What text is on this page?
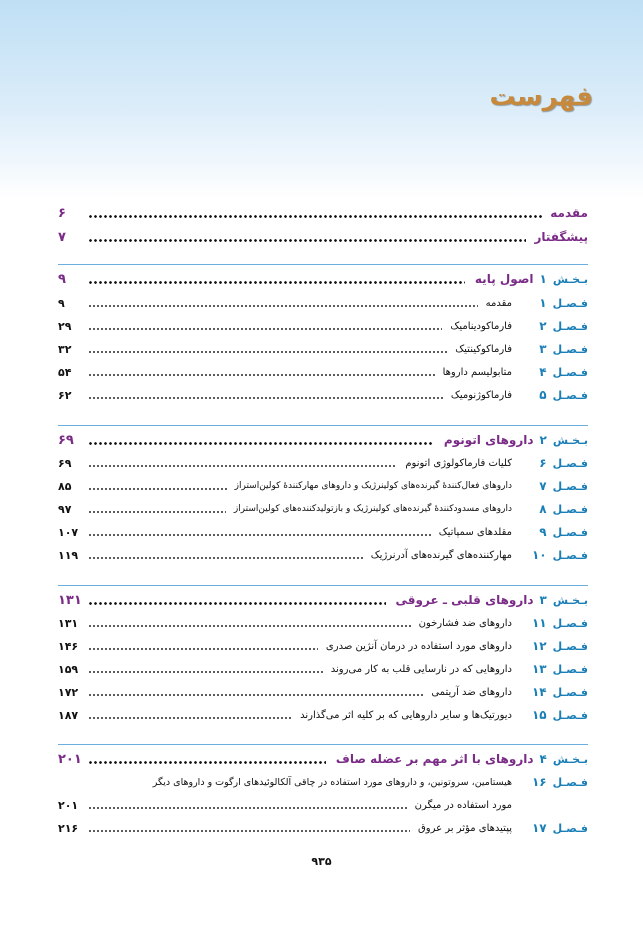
فهرست
مقدمه
۶
پیشگفتار
۷
بـخـش
۱
اصول پایه
۹
فـصـل
۱
مقدمه
۹
فـصـل
۲
فارماکودینامیک
۲۹
فـصـل
۳
فارماکوکینتیک
۳۲
فـصـل
۴
متابولیسم داروها
۵۴
فـصـل
۵
فارماکوژنومیک
۶۲
بـخـش
۲
داروهای اتونوم
۶۹
فـصـل
۶
کلیات فارماکولوژی اتونوم
۶۹
فـصـل
۷
داروهای فعال‌کنندهٔ گیرنده‌های کولینرژیک و داروهای مهارکنندهٔ کولین‌استراز
۸۵
فـصـل
۸
داروهای مسدودکنندهٔ گیرنده‌های کولینرژیک و بازتولیدکننده‌های کولین‌استراز
۹۷
فـصـل
۹
مقلدهای سمپاتیک
۱۰۷
فـصـل
۱۰
مهارکننده‌های گیرنده‌های آدرنرژیک
۱۱۹
بـخـش
۳
داروهای قلبی ـ عروقی
۱۳۱
فـصـل
۱۱
داروهای ضد فشارخون
۱۳۱
فـصـل
۱۲
داروهای مورد استفاده در درمان آنژین صدری
۱۴۶
فـصـل
۱۳
داروهایی که در نارسایی قلب به کار می‌روند
۱۵۹
فـصـل
۱۴
داروهای ضد آریتمی
۱۷۲
فـصـل
۱۵
دیورتیک‌ها و سایر داروهایی که بر کلیه اثر می‌گذارند
۱۸۷
بـخـش
۴
داروهای با اثر مهم بر عضله صاف
۲۰۱
فـصـل
۱۶
هیستامین، سروتونین، و داروهای مورد استفاده در چاقی آلکالوئیدهای ارگوت و داروهای دیگر
مورد استفاده در میگرن
۲۰۱
فـصـل
۱۷
پپتیدهای مؤثر بر عروق
۲۱۶
۹۳۵
